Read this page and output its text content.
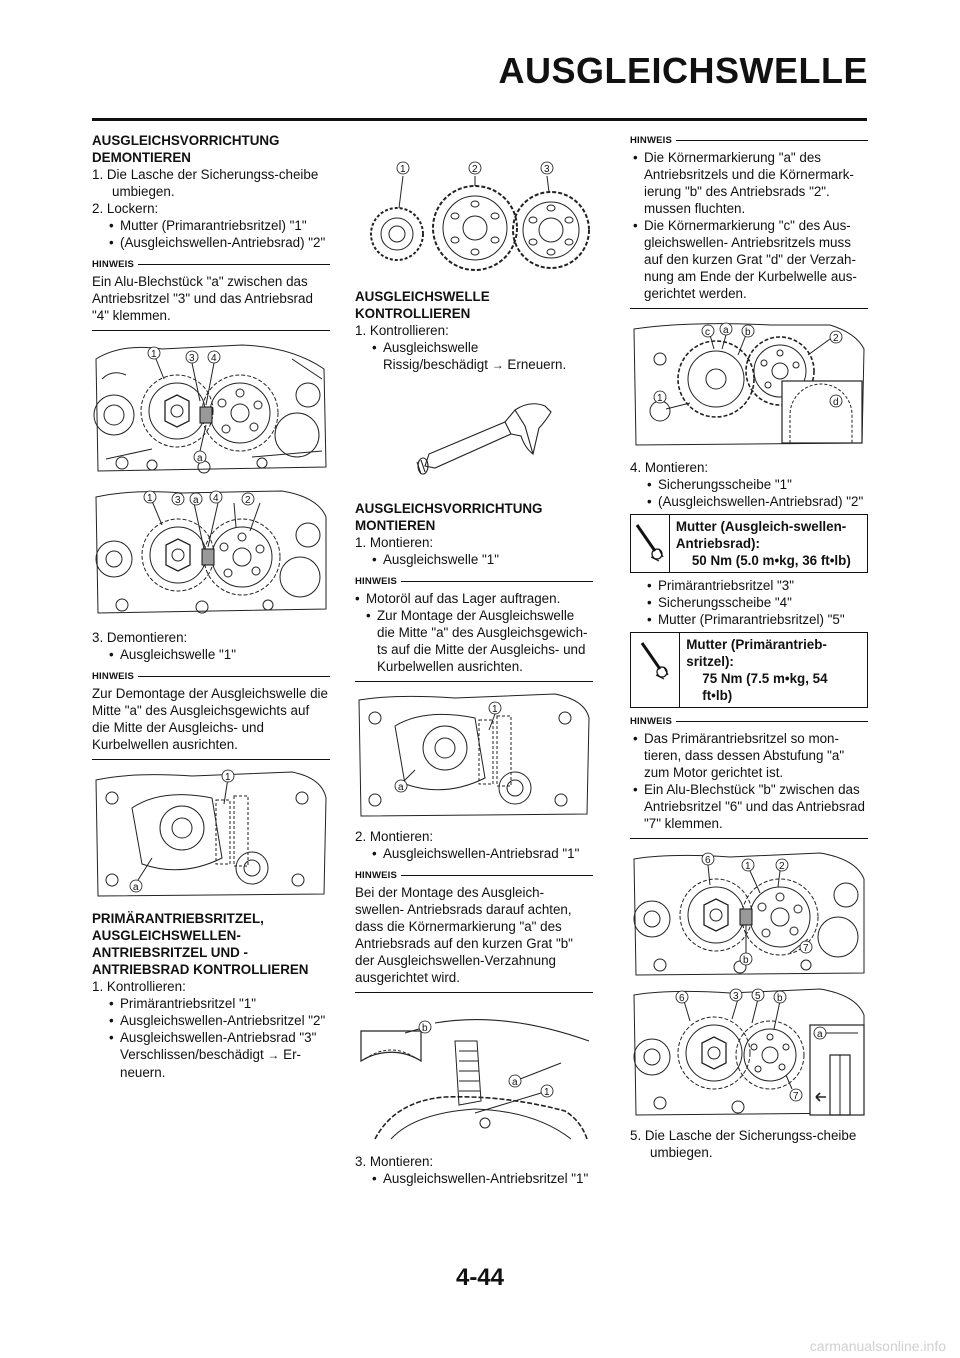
AUSGLEICHSWELLE

AUSGLEICHSVORRICHTUNG DEMONTIEREN

1. Die Lasche der Sicherungss-cheibe umbiegen.

2. Lockern:

• Mutter (Primarantriebsritzel) "1"

• (Ausgleichswellen-Antriebsrad) "2"

HINWEIS

Ein Alu-Blechstück "a" zwischen das Antriebsritzel "3" und das Antriebsrad "4" klemmen.

1	3 4
a
1 3 a 4	2

3. Demontieren:

• Ausgleichswelle "1"

HINWEIS

Zur Demontage der Ausgleichswelle die Mitte "a" des Ausgleichsgewichts auf die Mitte der Ausgleichs- und Kurbelwellen ausrichten.

1
a

PRIMÄRANTRIEBSRITZEL, AUSGLEICHSWELLEN-ANTRIEBSRITZEL UND - ANTRIEBSRAD KONTROLLIEREN

1. Kontrollieren:

• Primärantriebsritzel "1"

• Ausgleichswellen-Antriebsritzel "2"

• Ausgleichswellen-Antriebsrad "3"

Verschlissen/beschädigt → Er-neuern.

1	2	3

AUSGLEICHSWELLE KONTROLLIEREN

1. Kontrollieren:

• Ausgleichswelle

Rissig/beschädigt → Erneuern.

AUSGLEICHSVORRICHTUNG MONTIEREN

1. Montieren:

• Ausgleichswelle "1"

HINWEIS

• Motoröl auf das Lager auftragen.

• Zur Montage der Ausgleichswelle die Mitte "a" des Ausgleichsgewich-ts auf die Mitte der Ausgleichs- und Kurbelwellen ausrichten.

1
a

2. Montieren:

• Ausgleichswellen-Antriebsrad "1"

HINWEIS

Bei der Montage des Ausgleich-swellen- Antriebsrads darauf achten, dass die Körnermarkierung "a" des Antriebsrads auf den kurzen Grat "b" der Ausgleichswellen-Verzahnung ausgerichtet wird.

b
a
1

3. Montieren:

• Ausgleichswellen-Antriebsritzel "1"

HINWEIS

• Die Körnermarkierung "a" des Antriebsritzels und die Körnermark-ierung "b" des Antriebsrads "2". mussen fluchten.

• Die Körnermarkierung "c" des Aus-gleichswellen- Antriebsritzels muss auf den kurzen Grat "d" der Verzah-nung am Ende der Kurbelwelle aus-gerichtet werden.

c a b
2
1	d

4. Montieren:

• Sicherungsscheibe "1"

• (Ausgleichswellen-Antriebsrad) "2"

Mutter (Ausgleich-swellen-Antriebsrad):
50 Nm (5.0 m•kg, 36 ft•lb)

• Primärantriebsritzel "3"

• Sicherungsscheibe "4"

• Mutter (Primarantriebsritzel) "5"

Mutter (Primärantrieb-sritzel):
75 Nm (7.5 m•kg, 54 ft•lb)
HINWEIS

• Das Primärantriebsritzel so mon-tieren, dass dessen Abstufung "a" zum Motor gerichtet ist.

• Ein Alu-Blechstück "b" zwischen das Antriebsritzel "6" und das Antriebsrad "7" klemmen.

6
1	2
b
7
6	3 5 b
a
7

5. Die Lasche der Sicherungss-cheibe umbiegen.

4-44
carmanualsonline.info
